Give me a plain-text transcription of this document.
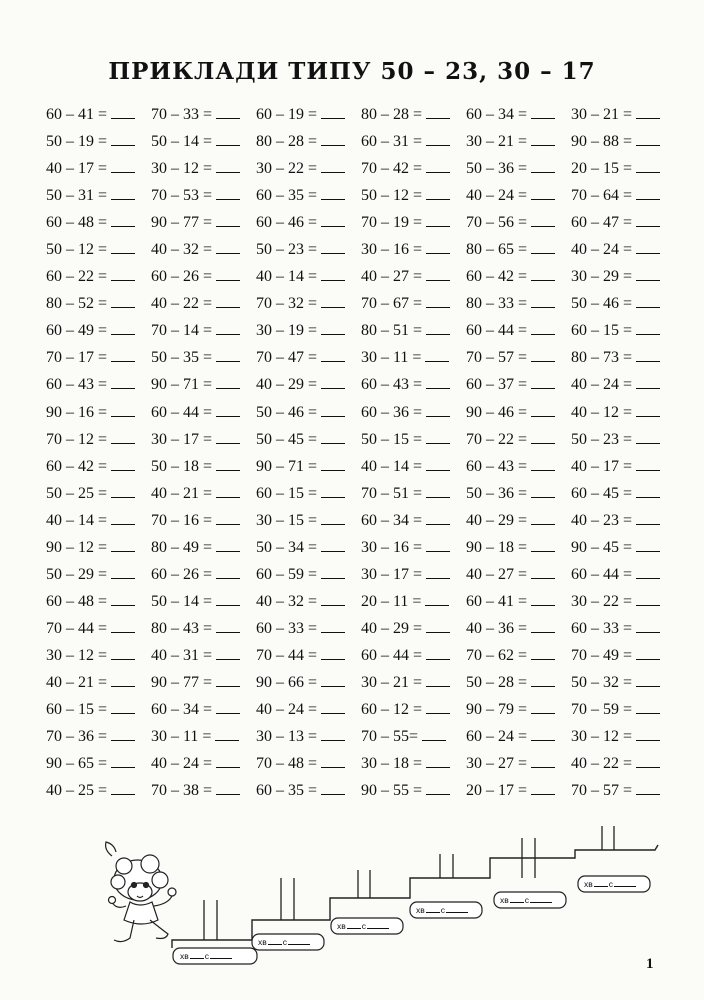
ПРИКЛАДИ ТИПУ 50 – 23, 30 – 17
60 – 41 =	70 – 33 =	60 – 19 =	80 – 28 =	60 – 34 =	30 – 21 =
50 – 19 =	50 – 14 =	80 – 28 =	60 – 31 =	30 – 21 =	90 – 88 =
40 – 17 =	30 – 12 =	30 – 22 =	70 – 42 =	50 – 36 =	20 – 15 =
50 – 31 =	70 – 53 =	60 – 35 =	50 – 12 =	40 – 24 =	70 – 64 =
60 – 48 =	90 – 77 =	60 – 46 =	70 – 19 =	70 – 56 =	60 – 47 =
50 – 12 =	40 – 32 =	50 – 23 =	30 – 16 =	80 – 65 =	40 – 24 =
60 – 22 =	60 – 26 =	40 – 14 =	40 – 27 =	60 – 42 =	30 – 29 =
80 – 52 =	40 – 22 =	70 – 32 =	70 – 67 =	80 – 33 =	50 – 46 =
60 – 49 =	70 – 14 =	30 – 19 =	80 – 51 =	60 – 44 =	60 – 15 =
70 – 17 =	50 – 35 =	70 – 47 =	30 – 11 =	70 – 57 =	80 – 73 =
60 – 43 =	90 – 71 =	40 – 29 =	60 – 43 =	60 – 37 =	40 – 24 =
90 – 16 =	60 – 44 =	50 – 46 =	60 – 36 =	90 – 46 =	40 – 12 =
70 – 12 =	30 – 17 =	50 – 45 =	50 – 15 =	70 – 22 =	50 – 23 =
60 – 42 =	50 – 18 =	90 – 71 =	40 – 14 =	60 – 43 =	40 – 17 =
50 – 25 =	40 – 21 =	60 – 15 =	70 – 51 =	50 – 36 =	60 – 45 =
40 – 14 =	70 – 16 =	30 – 15 =	60 – 34 =	40 – 29 =	40 – 23 =
90 – 12 =	80 – 49 =	50 – 34 =	30 – 16 =	90 – 18 =	90 – 45 =
50 – 29 =	60 – 26 =	60 – 59 =	30 – 17 =	40 – 27 =	60 – 44 =
60 – 48 =	50 – 14 =	40 – 32 =	20 – 11 =	60 – 41 =	30 – 22 =
70 – 44 =	80 – 43 =	60 – 33 =	40 – 29 =	40 – 36 =	60 – 33 =
30 – 12 =	40 – 31 =	70 – 44 =	60 – 44 =	70 – 62 =	70 – 49 =
40 – 21 =	90 – 77 =	90 – 66 =	30 – 21 =	50 – 28 =	50 – 32 =
60 – 15 =	60 – 34 =	40 – 24 =	60 – 12 =	90 – 79 =	70 – 59 =
70 – 36 =	30 – 11 =	30 – 13 =	70 – 55=	60 – 24 =	30 – 12 =
90 – 65 =	40 – 24 =	70 – 48 =	30 – 18 =	30 – 27 =	40 – 22 =
40 – 25 =	70 – 38 =	60 – 35 =	90 – 55 =	20 – 17 =	70 – 57 =
хв с
хв с
хв с
хв с
хв с
хв с
1
